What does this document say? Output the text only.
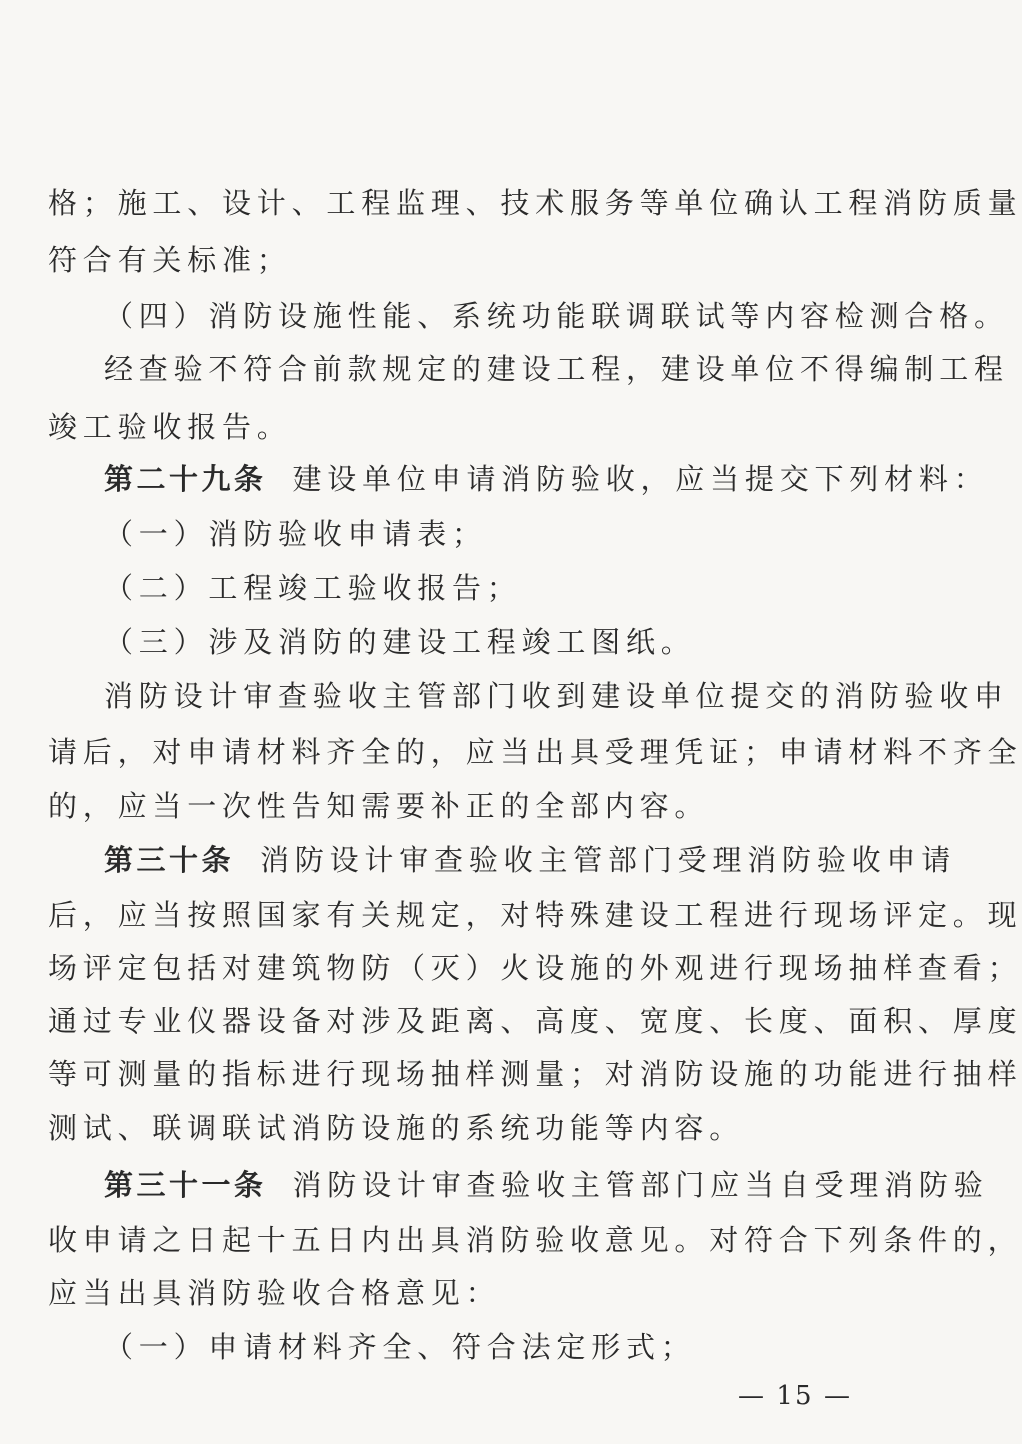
格；施工、设计、工程监理、技术服务等单位确认工程消防质量
符合有关标准；
（四）消防设施性能、系统功能联调联试等内容检测合格。
经查验不符合前款规定的建设工程，建设单位不得编制工程
竣工验收报告。
第二十九条 建设单位申请消防验收，应当提交下列材料：
（一）消防验收申请表；
（二）工程竣工验收报告；
（三）涉及消防的建设工程竣工图纸。
消防设计审查验收主管部门收到建设单位提交的消防验收申
请后，对申请材料齐全的，应当出具受理凭证；申请材料不齐全
的，应当一次性告知需要补正的全部内容。
第三十条 消防设计审查验收主管部门受理消防验收申请
后，应当按照国家有关规定，对特殊建设工程进行现场评定。现
场评定包括对建筑物防（灭）火设施的外观进行现场抽样查看；
通过专业仪器设备对涉及距离、高度、宽度、长度、面积、厚度
等可测量的指标进行现场抽样测量；对消防设施的功能进行抽样
测试、联调联试消防设施的系统功能等内容。
第三十一条 消防设计审查验收主管部门应当自受理消防验
收申请之日起十五日内出具消防验收意见。对符合下列条件的，
应当出具消防验收合格意见：
（一）申请材料齐全、符合法定形式；
— 15 —
